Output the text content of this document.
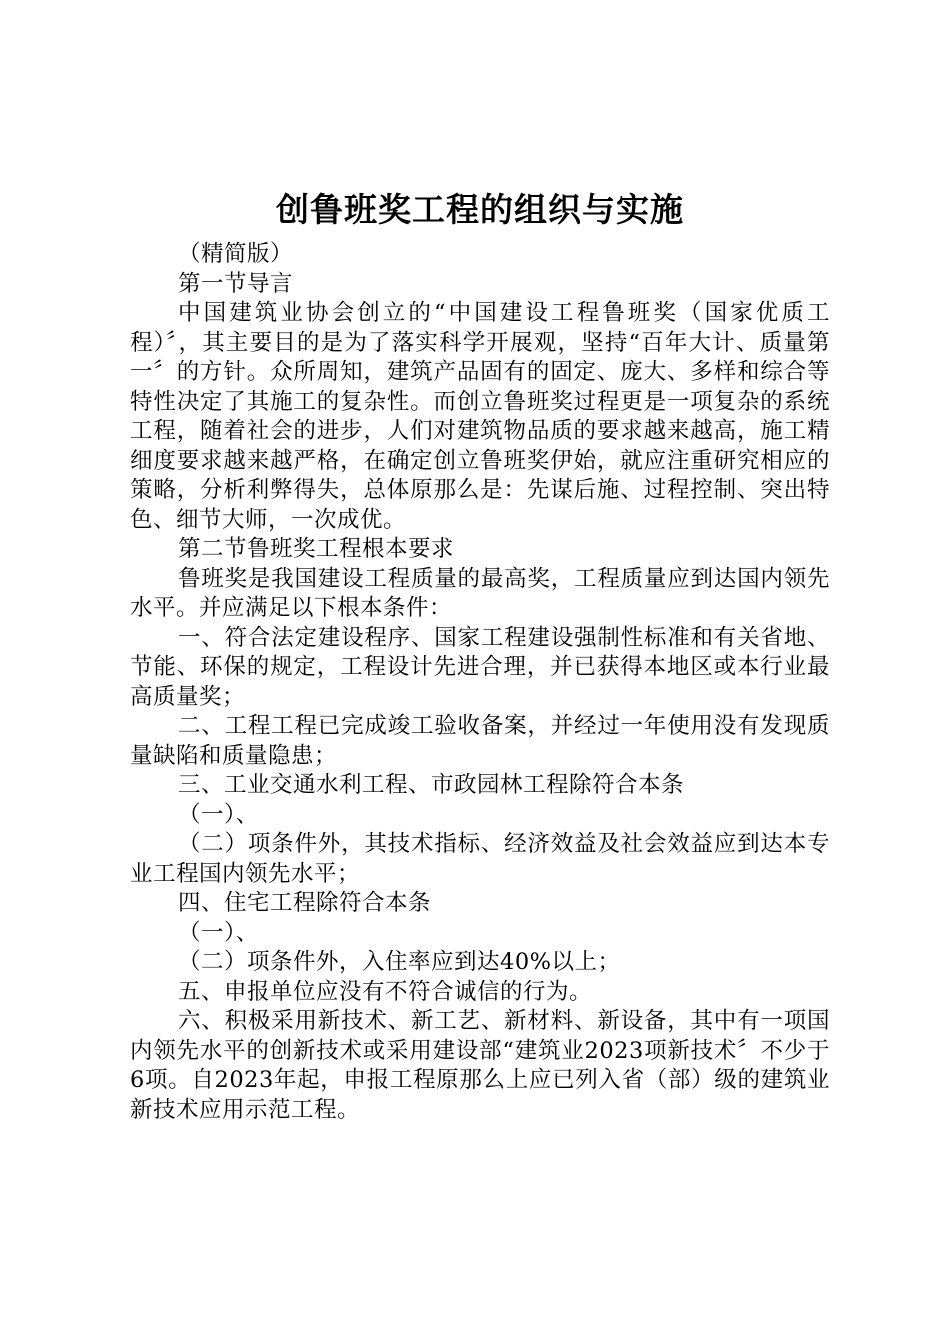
创鲁班奖工程的组织与实施

（精简版）

第一节导言

中国建筑业协会创立的“中国建设工程鲁班奖（国家优质工程）〞，其主要目的是为了落实科学开展观，坚持“百年大计、质量第一〞的方针。众所周知，建筑产品固有的固定、庞大、多样和综合等特性决定了其施工的复杂性。而创立鲁班奖过程更是一项复杂的系统工程，随着社会的进步，人们对建筑物品质的要求越来越高，施工精细度要求越来越严格，在确定创立鲁班奖伊始，就应注重研究相应的策略，分析利弊得失，总体原那么是：先谋后施、过程控制、突出特色、细节大师，一次成优。

第二节鲁班奖工程根本要求

鲁班奖是我国建设工程质量的最高奖，工程质量应到达国内领先水平。并应满足以下根本条件：

一、符合法定建设程序、国家工程建设强制性标准和有关省地、节能、环保的规定，工程设计先进合理，并已获得本地区或本行业最高质量奖；

二、工程工程已完成竣工验收备案，并经过一年使用没有发现质量缺陷和质量隐患；

三、工业交通水利工程、市政园林工程除符合本条

（一）、

（二）项条件外，其技术指标、经济效益及社会效益应到达本专业工程国内领先水平；

四、住宅工程除符合本条

（一）、

（二）项条件外，入住率应到达40%以上；

五、申报单位应没有不符合诚信的行为。

六、积极采用新技术、新工艺、新材料、新设备，其中有一项国内领先水平的创新技术或采用建设部“建筑业2023项新技术〞不少于6项。自2023年起，申报工程原那么上应已列入省（部）级的建筑业新技术应用示范工程。
